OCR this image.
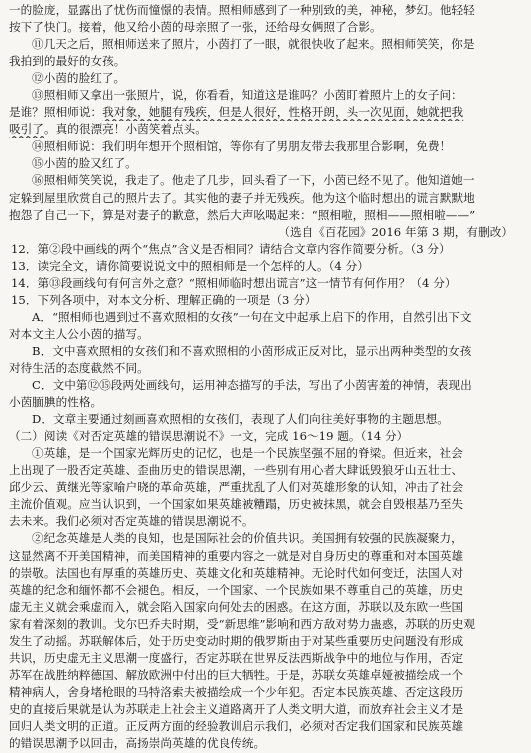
一的脸庞，显露出了忧伤而憧憬的表情。照相师感到了一种别致的美，神秘，梦幻。他轻轻
按下了快门。接着，他又给小茵的母亲照了一张，还给母女俩照了合影。
⑪几天之后，照相师送来了照片，小茵打了一眼，就很快收了起来。照相师笑笑，你是
我拍到的最好的女孩。
⑫小茵的脸红了。
⑬照相师又拿出一张照片，说，你看看，知道这是谁吗？小茵盯着照片上的女子问：
是谁？照相师说：我对象，她腿有残疾，但是人很好，性格开朗，头一次见面，她就把我
吸引了。真的很漂亮！小茵笑着点头。
⑭照相师说：我们明年想开个照相馆，等你有了男朋友带去我那里合影啊，免费！
⑮小茵的脸又红了。
⑯照相师笑笑说，我走了。他走了几步，回头看了一下，小茵已经不见了。他知道她一
定躲到屋里欣赏自己的照片去了。其实他的妻子并无残疾。他为这个临时想出的谎言默默地
抱怨了自己一下，算是对妻子的歉意，然后大声吆喝起来：“照相啦，照相——照相啦——”
（选自《百花园》2016 年第 3 期，有删改）
12．第②段中画线的两个“焦点”含义是否相同？请结合文章内容作简要分析。（3 分）
13．读完全文，请你简要说说文中的照相师是一个怎样的人。（4 分）
14．第⑬段画线句有何言外之意？“照相师临时想出谎言”这一情节有何作用？（4 分）
15．下列各项中，对本文分析、理解正确的一项是（3 分）
A．“照相师也遇到过不喜欢照相的女孩”一句在文中起承上启下的作用，自然引出下文
对本文主人公小茵的描写。
B．文中喜欢照相的女孩们和不喜欢照相的小茵形成正反对比，显示出两种类型的女孩
对待生活的态度截然不同。
C．文中第⑫⑮段两处画线句，运用神态描写的手法，写出了小茵害羞的神情，表现出
小茵腼腆的性格。
D．文章主要通过刻画喜欢照相的女孩们，表现了人们向往美好事物的主题思想。
（二）阅读《对否定英雄的错误思潮说不》一文，完成 16～19 题。（14 分）
①英雄，是一个国家光辉历史的记忆，也是一个民族坚强不屈的脊梁。但近来，社会
上出现了一股否定英雄、歪曲历史的错误思潮，一些别有用心者大肆诋毁狼牙山五壮士、
邱少云、黄继光等家喻户晓的革命英雄，严重扰乱了人们对英雄形象的认知，冲击了社会
主流价值观。应当认识到，一个国家如果英雄被糟蹋，历史被抹黑，就会自毁根基乃至失
去未来。我们必须对否定英雄的错误思潮说不。
②纪念英雄是人类的良知，也是国际社会的价值共识。美国拥有较强的民族凝聚力，
这显然离不开美国精神，而美国精神的重要内容之一就是对自身历史的尊重和对本国英雄
的崇敬。法国也有厚重的英雄历史、英雄文化和英雄精神。无论时代如何变迁，法国人对
英雄的纪念和缅怀都不会褪色。相反，一个国家、一个民族如果不尊重自己的英雄，历史
虚无主义就会乘虚而入，就会陷入国家向何处去的困惑。在这方面，苏联以及东欧一些国
家有着深刻的教训。戈尔巴乔夫时期，受“新思维”影响和西方敌对势力蛊惑，苏联的历史观
发生了动摇。苏联解体后，处于历史变动时期的俄罗斯由于对某些重要历史问题没有形成
共识，历史虚无主义思潮一度盛行，否定苏联在世界反法西斯战争中的地位与作用，否定
苏军在战胜纳粹德国、解放欧洲中付出的巨大牺牲。于是，苏联女英雄卓娅被描绘成一个
精神病人，舍身堵枪眼的马特洛索夫被描绘成一个少年犯。否定本民族英雄、否定这段历
史的直接后果就是认为苏联走上社会主义道路离开了人类文明大道，而放弃社会主义才是
回归人类文明的正道。正反两方面的经验教训启示我们，必须对否定我们国家和民族英雄
的错误思潮予以回击，高扬崇尚英雄的优良传统。
